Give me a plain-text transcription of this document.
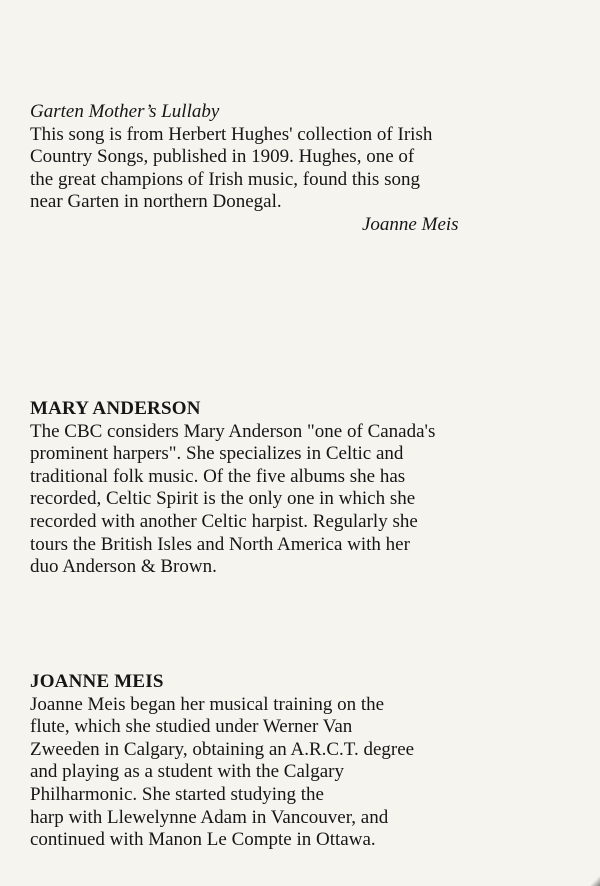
Garten Mother’s Lullaby
This song is from Herbert Hughes' collection of Irish
Country Songs, published in 1909. Hughes, one of
the great champions of Irish music, found this song
near Garten in northern Donegal.
Joanne Meis
MARY ANDERSON
The CBC considers Mary Anderson "one of Canada's
prominent harpers". She specializes in Celtic and
traditional folk music. Of the five albums she has
recorded, Celtic Spirit is the only one in which she
recorded with another Celtic harpist. Regularly she
tours the British Isles and North America with her
duo Anderson & Brown.
JOANNE MEIS
Joanne Meis began her musical training on the
flute, which she studied under Werner Van
Zweeden in Calgary, obtaining an A.R.C.T. degree
and playing as a student with the Calgary
Philharmonic. She started studying the
harp with Llewelynne Adam in Vancouver, and
continued with Manon Le Compte in Ottawa.
